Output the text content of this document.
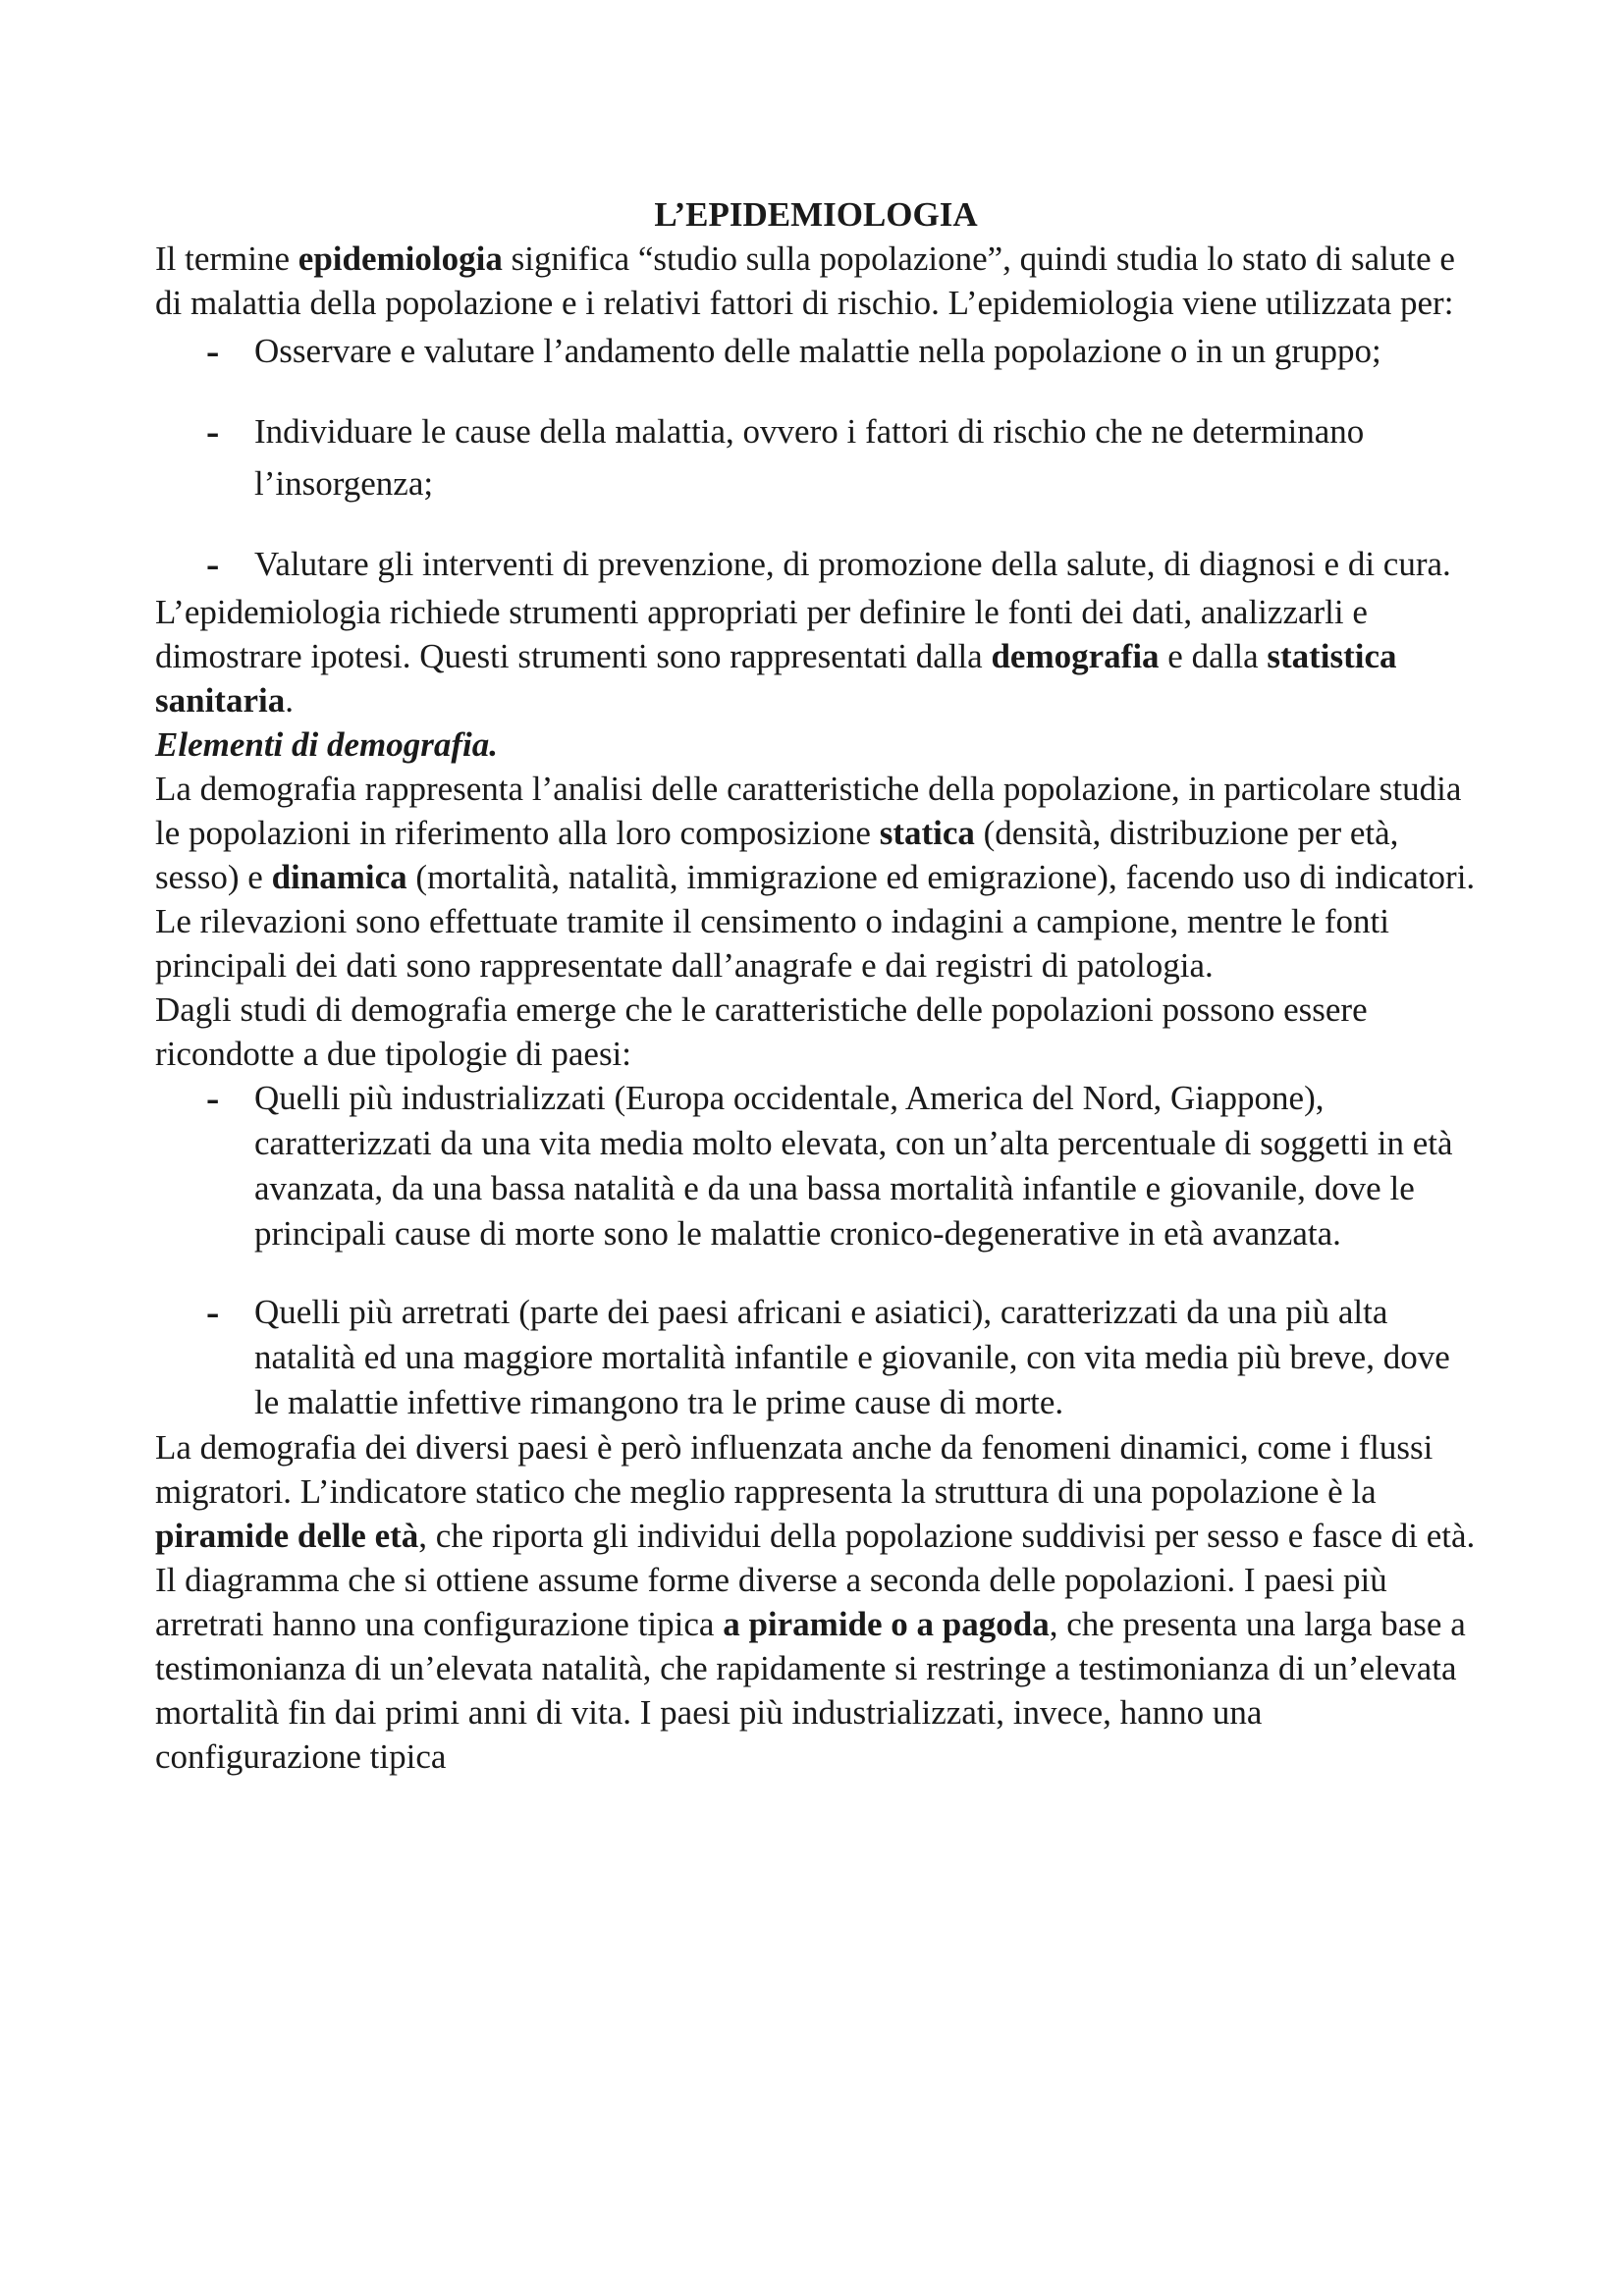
L’EPIDEMIOLOGIA

Il termine epidemiologia significa “studio sulla popolazione”, quindi studia lo stato di salute e di malattia della popolazione e i relativi fattori di rischio. L’epidemiologia viene utilizzata per:

- Osservare e valutare l’andamento delle malattie nella popolazione o in un gruppo;
- Individuare le cause della malattia, ovvero i fattori di rischio che ne determinano l’insorgenza;
- Valutare gli interventi di prevenzione, di promozione della salute, di diagnosi e di cura.

L’epidemiologia richiede strumenti appropriati per definire le fonti dei dati, analizzarli e dimostrare ipotesi. Questi strumenti sono rappresentati dalla demografia e dalla statistica sanitaria.

Elementi di demografia.

La demografia rappresenta l’analisi delle caratteristiche della popolazione, in particolare studia le popolazioni in riferimento alla loro composizione statica (densità, distribuzione per età, sesso) e dinamica (mortalità, natalità, immigrazione ed emigrazione), facendo uso di indicatori. Le rilevazioni sono effettuate tramite il censimento o indagini a campione, mentre le fonti principali dei dati sono rappresentate dall’anagrafe e dai registri di patologia.

Dagli studi di demografia emerge che le caratteristiche delle popolazioni possono essere ricondotte a due tipologie di paesi:

- Quelli più industrializzati (Europa occidentale, America del Nord, Giappone), caratterizzati da una vita media molto elevata, con un’alta percentuale di soggetti in età avanzata, da una bassa natalità e da una bassa mortalità infantile e giovanile, dove le principali cause di morte sono le malattie cronico-degenerative in età avanzata.
- Quelli più arretrati (parte dei paesi africani e asiatici), caratterizzati da una più alta natalità ed una maggiore mortalità infantile e giovanile, con vita media più breve, dove le malattie infettive rimangono tra le prime cause di morte.

La demografia dei diversi paesi è però influenzata anche da fenomeni dinamici, come i flussi migratori. L’indicatore statico che meglio rappresenta la struttura di una popolazione è la piramide delle età, che riporta gli individui della popolazione suddivisi per sesso e fasce di età. Il diagramma che si ottiene assume forme diverse a seconda delle popolazioni. I paesi più arretrati hanno una configurazione tipica a piramide o a pagoda, che presenta una larga base a testimonianza di un’elevata natalità, che rapidamente si restringe a testimonianza di un’elevata mortalità fin dai primi anni di vita. I paesi più industrializzati, invece, hanno una configurazione tipica
